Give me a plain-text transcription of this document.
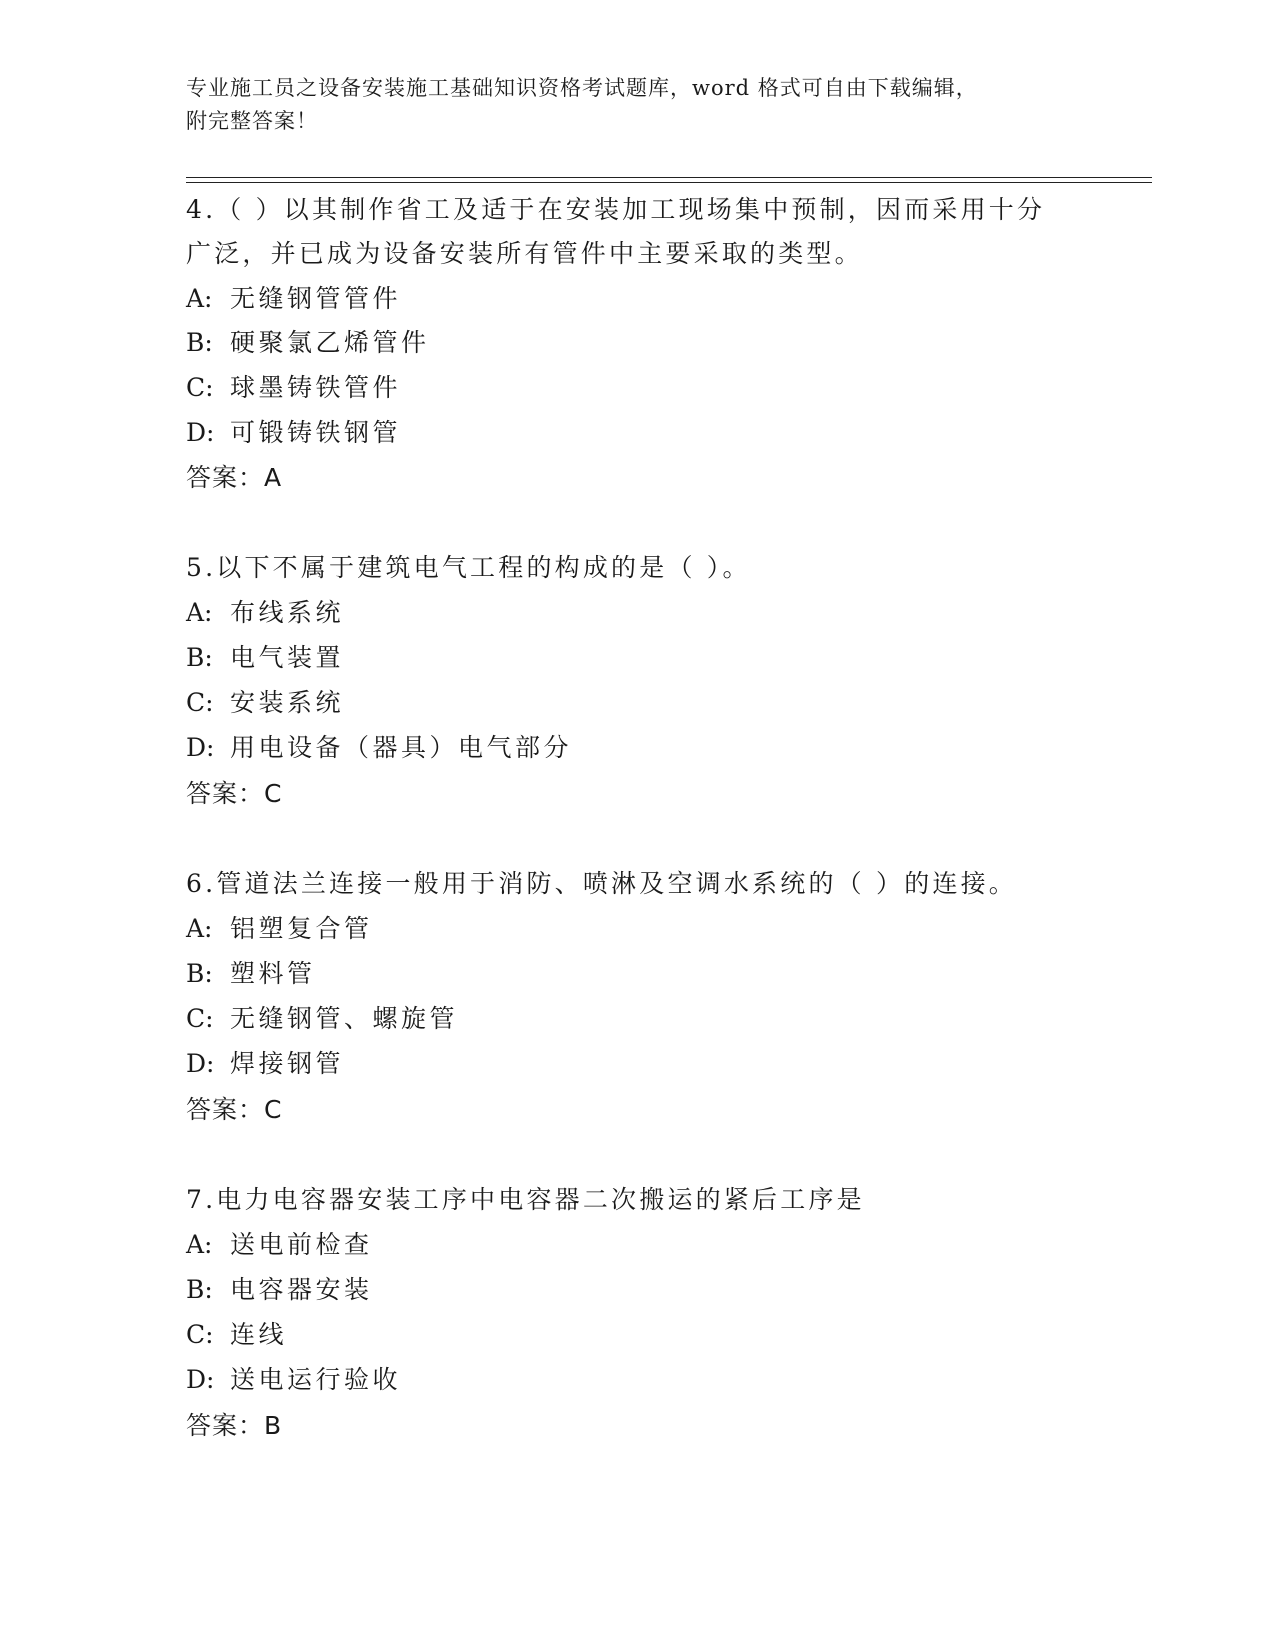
专业施工员之设备安装施工基础知识资格考试题库，word 格式可自由下载编辑，
附完整答案！
4.（ ）以其制作省工及适于在安装加工现场集中预制，因而采用十分
广泛，并已成为设备安装所有管件中主要采取的类型。
A: 无缝钢管管件
B: 硬聚氯乙烯管件
C: 球墨铸铁管件
D: 可锻铸铁钢管
答案：A
5.以下不属于建筑电气工程的构成的是（ ）。
A: 布线系统
B: 电气装置
C: 安装系统
D: 用电设备（器具）电气部分
答案：C
6.管道法兰连接一般用于消防、喷淋及空调水系统的（ ）的连接。
A: 铝塑复合管
B: 塑料管
C: 无缝钢管、螺旋管
D: 焊接钢管
答案：C
7.电力电容器安装工序中电容器二次搬运的紧后工序是
A: 送电前检查
B: 电容器安装
C: 连线
D: 送电运行验收
答案：B
